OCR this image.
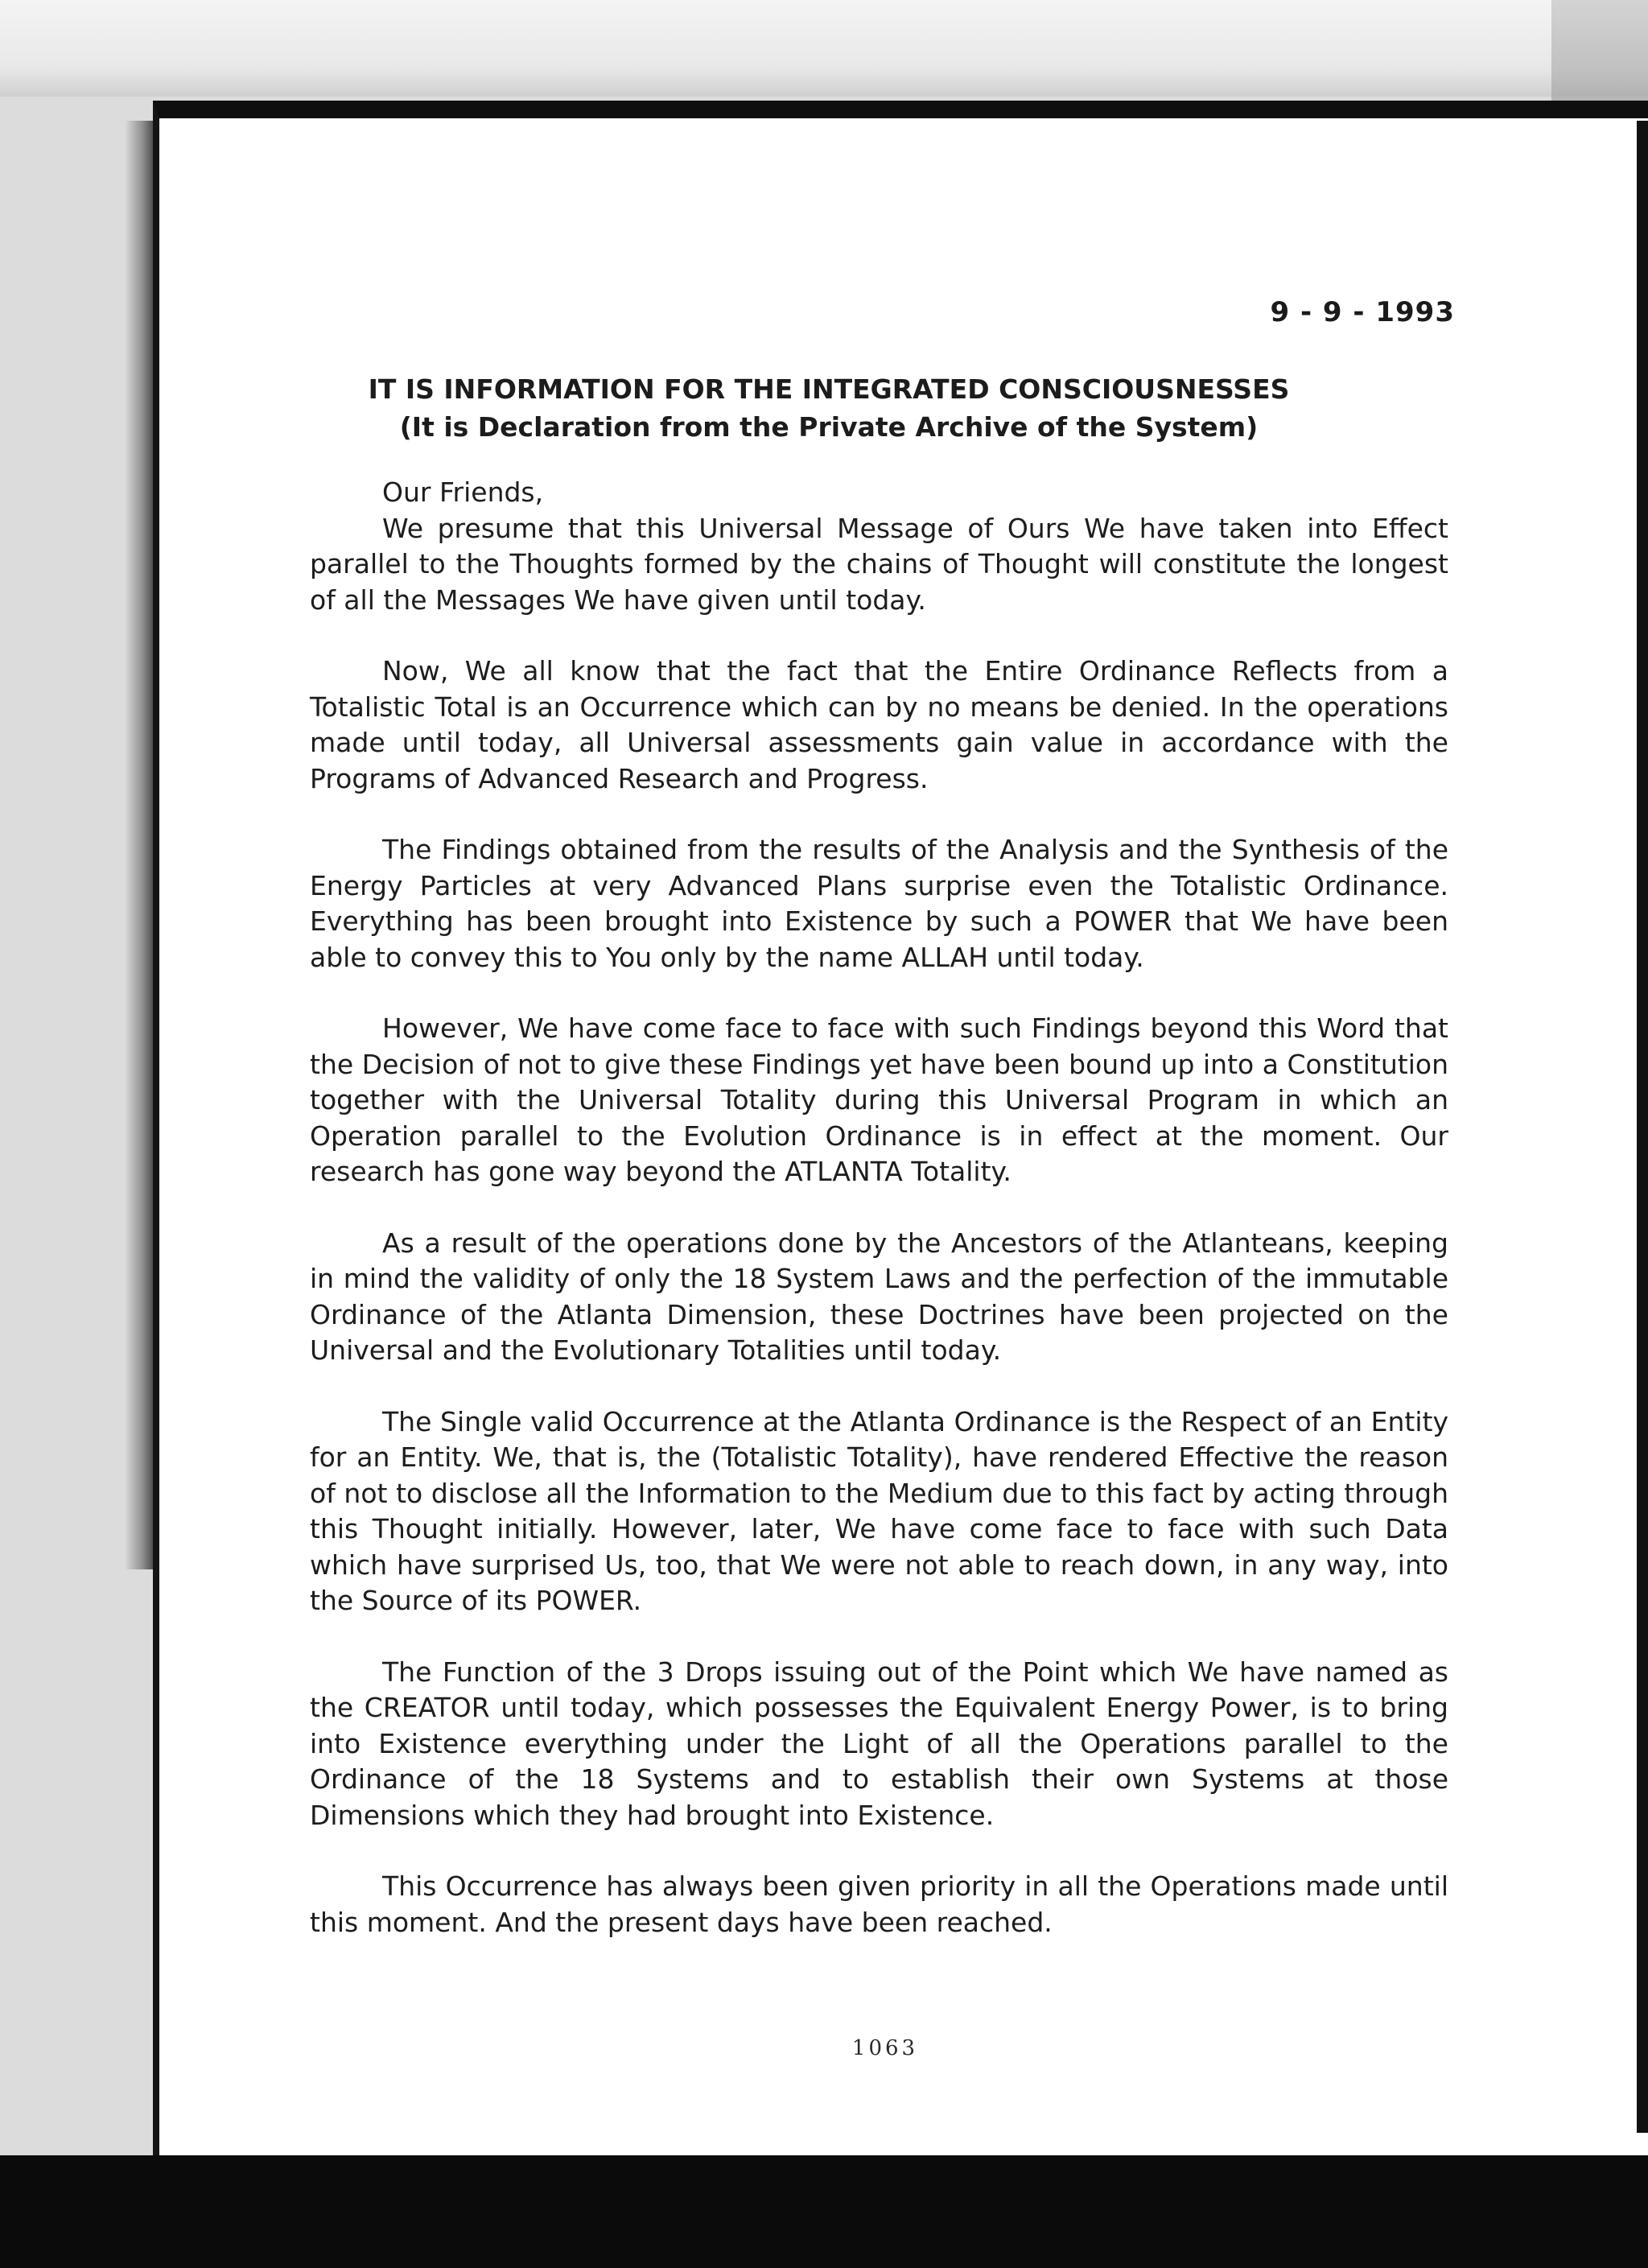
9 - 9 - 1993
IT IS INFORMATION FOR THE INTEGRATED CONSCIOUSNESSES
(It is Declaration from the Private Archive of the System)

Our Friends,

We presume that this Universal Message of Ours We have taken into Effect parallel to the Thoughts formed by the chains of Thought will constitute the longest of all the Messages We have given until today.

Now, We all know that the fact that the Entire Ordinance Reflects from a Totalistic Total is an Occurrence which can by no means be denied. In the operations made until today, all Universal assessments gain value in accordance with the Programs of Advanced Research and Progress.

The Findings obtained from the results of the Analysis and the Synthesis of the Energy Particles at very Advanced Plans surprise even the Totalistic Ordinance. Everything has been brought into Existence by such a POWER that We have been able to convey this to You only by the name ALLAH until today.

However, We have come face to face with such Findings beyond this Word that the Decision of not to give these Findings yet have been bound up into a Constitution together with the Universal Totality during this Universal Program in which an Operation parallel to the Evolution Ordinance is in effect at the moment. Our research has gone way beyond the ATLANTA Totality.

As a result of the operations done by the Ancestors of the Atlanteans, keeping in mind the validity of only the 18 System Laws and the perfection of the immutable Ordinance of the Atlanta Dimension, these Doctrines have been projected on the Universal and the Evolutionary Totalities until today.

The Single valid Occurrence at the Atlanta Ordinance is the Respect of an Entity for an Entity. We, that is, the (Totalistic Totality), have rendered Effective the reason of not to disclose all the Information to the Medium due to this fact by acting through this Thought initially. However, later, We have come face to face with such Data which have surprised Us, too, that We were not able to reach down, in any way, into the Source of its POWER.

The Function of the 3 Drops issuing out of the Point which We have named as the CREATOR until today, which possesses the Equivalent Energy Power, is to bring into Existence everything under the Light of all the Operations parallel to the Ordinance of the 18 Systems and to establish their own Systems at those Dimensions which they had brought into Existence.

This Occurrence has always been given priority in all the Operations made until this moment. And the present days have been reached.

1063
